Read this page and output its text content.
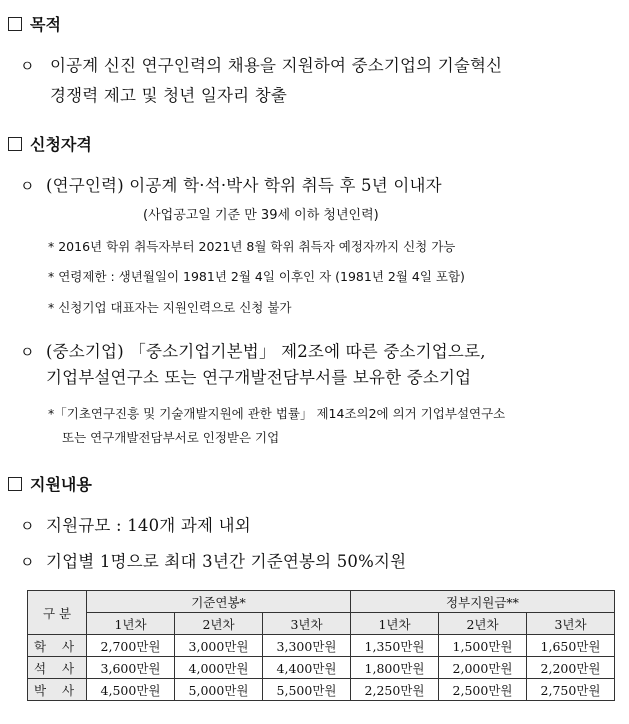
목적
ㅇ 이공계 신진 연구인력의 채용을 지원하여 중소기업의 기술혁신
경쟁력 제고 및 청년 일자리 창출
신청자격
ㅇ (연구인력) 이공계 학·석·박사 학위 취득 후 5년 이내자
(사업공고일 기준 만 39세 이하 청년인력)
* 2016년 학위 취득자부터 2021년 8월 학위 취득자 예정자까지 신청 가능
* 연령제한 : 생년월일이 1981년 2월 4일 이후인 자 (1981년 2월 4일 포함)
* 신청기업 대표자는 지원인력으로 신청 불가
ㅇ (중소기업) 「중소기업기본법」 제2조에 따른 중소기업으로,
기업부설연구소 또는 연구개발전담부서를 보유한 중소기업
*「기초연구진흥 및 기술개발지원에 관한 법률」 제14조의2에 의거 기업부설연구소
또는 연구개발전담부서로 인정받은 기업
지원내용
ㅇ 지원규모 : 140개 과제 내외
ㅇ 기업별 1명으로 최대 3년간 기준연봉의 50%지원
구 분	기준연봉*			정부지원금**		
	1년차	2년차	3년차	1년차	2년차	3년차
학 사	2,700만원	3,000만원	3,300만원	1,350만원	1,500만원	1,650만원
석 사	3,600만원	4,000만원	4,400만원	1,800만원	2,000만원	2,200만원
박 사	4,500만원	5,000만원	5,500만원	2,250만원	2,500만원	2,750만원
